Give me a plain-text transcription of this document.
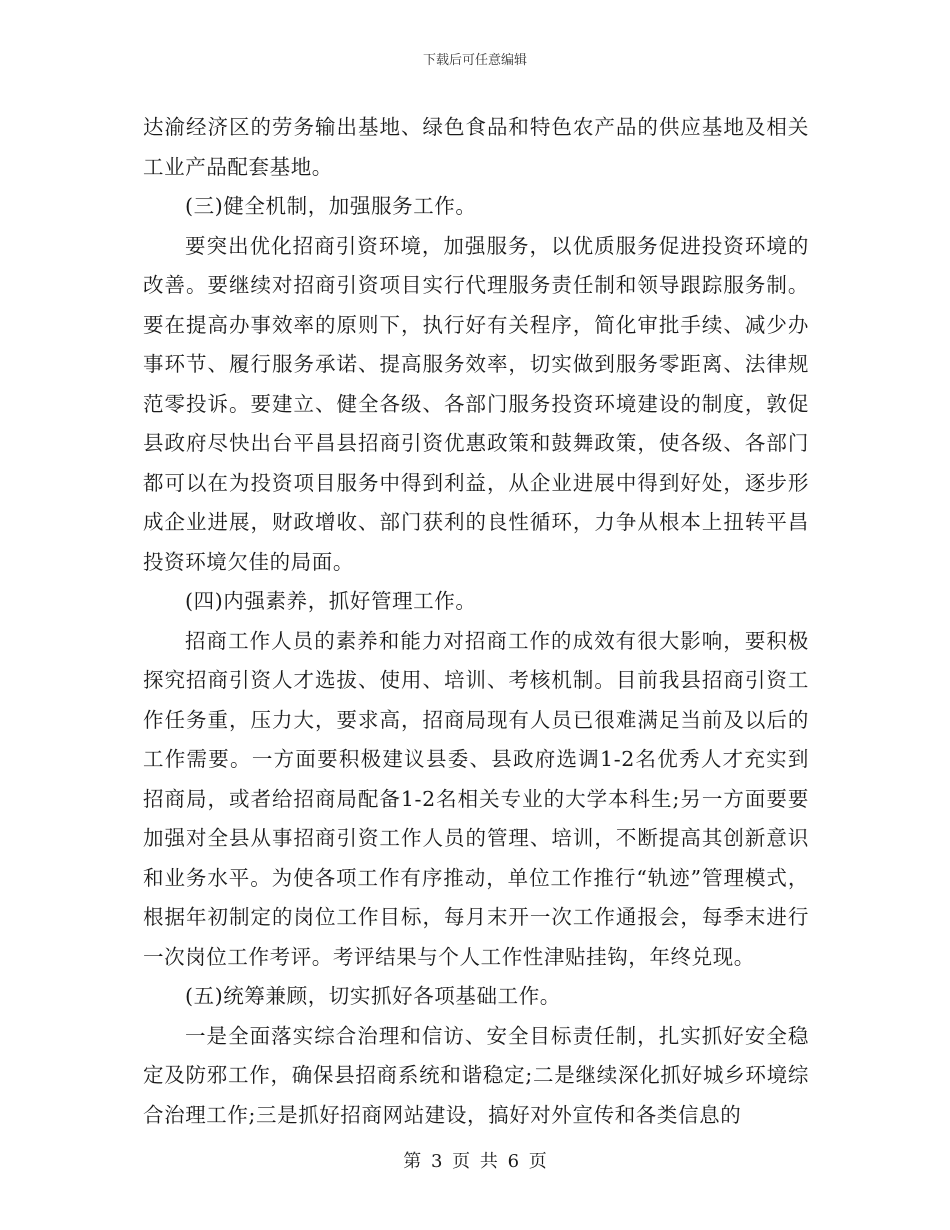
下载后可任意编辑

达渝经济区的劳务输出基地、绿色食品和特色农产品的供应基地及相关工业产品配套基地。

(三)健全机制，加强服务工作。

要突出优化招商引资环境，加强服务，以优质服务促进投资环境的改善。要继续对招商引资项目实行代理服务责任制和领导跟踪服务制。要在提高办事效率的原则下，执行好有关程序，简化审批手续、减少办事环节、履行服务承诺、提高服务效率，切实做到服务零距离、法律规范零投诉。要建立、健全各级、各部门服务投资环境建设的制度，敦促县政府尽快出台平昌县招商引资优惠政策和鼓舞政策，使各级、各部门都可以在为投资项目服务中得到利益，从企业进展中得到好处，逐步形成企业进展，财政增收、部门获利的良性循环，力争从根本上扭转平昌投资环境欠佳的局面。

(四)内强素养，抓好管理工作。

招商工作人员的素养和能力对招商工作的成效有很大影响，要积极探究招商引资人才选拔、使用、培训、考核机制。目前我县招商引资工作任务重，压力大，要求高，招商局现有人员已很难满足当前及以后的工作需要。一方面要积极建议县委、县政府选调1-2名优秀人才充实到招商局，或者给招商局配备1-2名相关专业的大学本科生;另一方面要要加强对全县从事招商引资工作人员的管理、培训，不断提高其创新意识和业务水平。为使各项工作有序推动，单位工作推行“轨迹”管理模式，根据年初制定的岗位工作目标，每月末开一次工作通报会，每季末进行一次岗位工作考评。考评结果与个人工作性津贴挂钩，年终兑现。

(五)统筹兼顾，切实抓好各项基础工作。

一是全面落实综合治理和信访、安全目标责任制，扎实抓好安全稳定及防邪工作，确保县招商系统和谐稳定;二是继续深化抓好城乡环境综合治理工作;三是抓好招商网站建设，搞好对外宣传和各类信息的

第 3 页 共 6 页
